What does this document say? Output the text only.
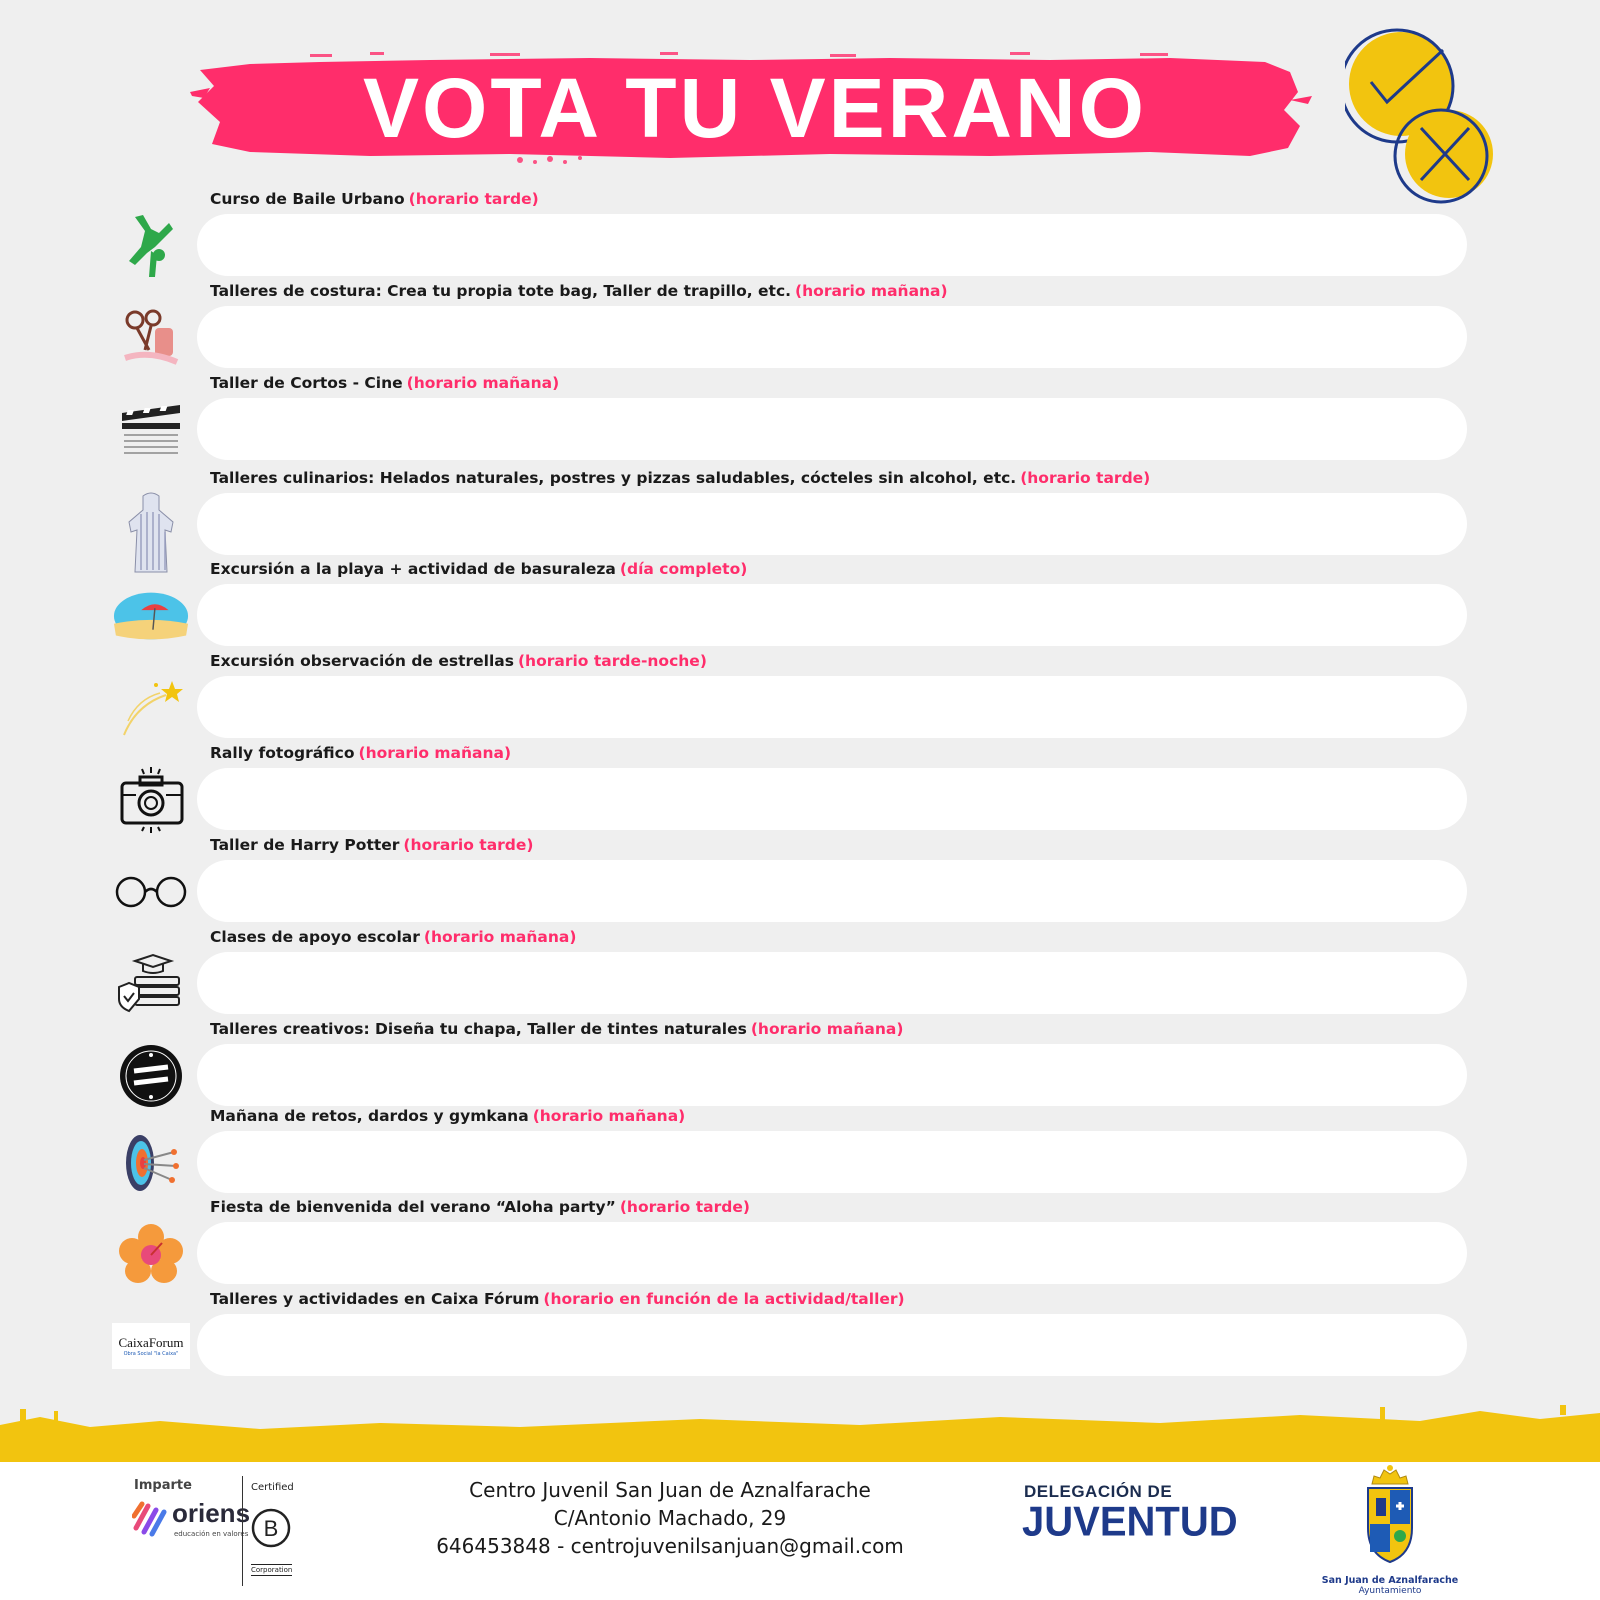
VOTA TU VERANO
Curso de Baile Urbano (horario tarde)
Talleres de costura: Crea tu propia tote bag, Taller de trapillo, etc. (horario mañana)
Taller de Cortos - Cine (horario mañana)
Talleres culinarios: Helados naturales, postres y pizzas saludables, cócteles sin alcohol, etc. (horario tarde)
Excursión a la playa + actividad de basuraleza (día completo)
Excursión observación de estrellas (horario tarde-noche)
Rally fotográfico (horario mañana)
Taller de Harry Potter (horario tarde)
Clases de apoyo escolar (horario mañana)
Talleres creativos: Diseña tu chapa, Taller de tintes naturales (horario mañana)
Mañana de retos, dardos y gymkana (horario mañana)
Fiesta de bienvenida del verano “Aloha party” (horario tarde)
CaixaForum
Obra Social "la Caixa"
Talleres y actividades en Caixa Fórum (horario en función de la actividad/taller)
Imparte
oriens
educación en valores
Certified
B
Corporation
Centro Juvenil San Juan de Aznalfarache
C/Antonio Machado, 29
646453848 - centrojuvenilsanjuan@gmail.com
DELEGACIÓN DE
JUVENTUD
San Juan de Aznalfarache
Ayuntamiento
